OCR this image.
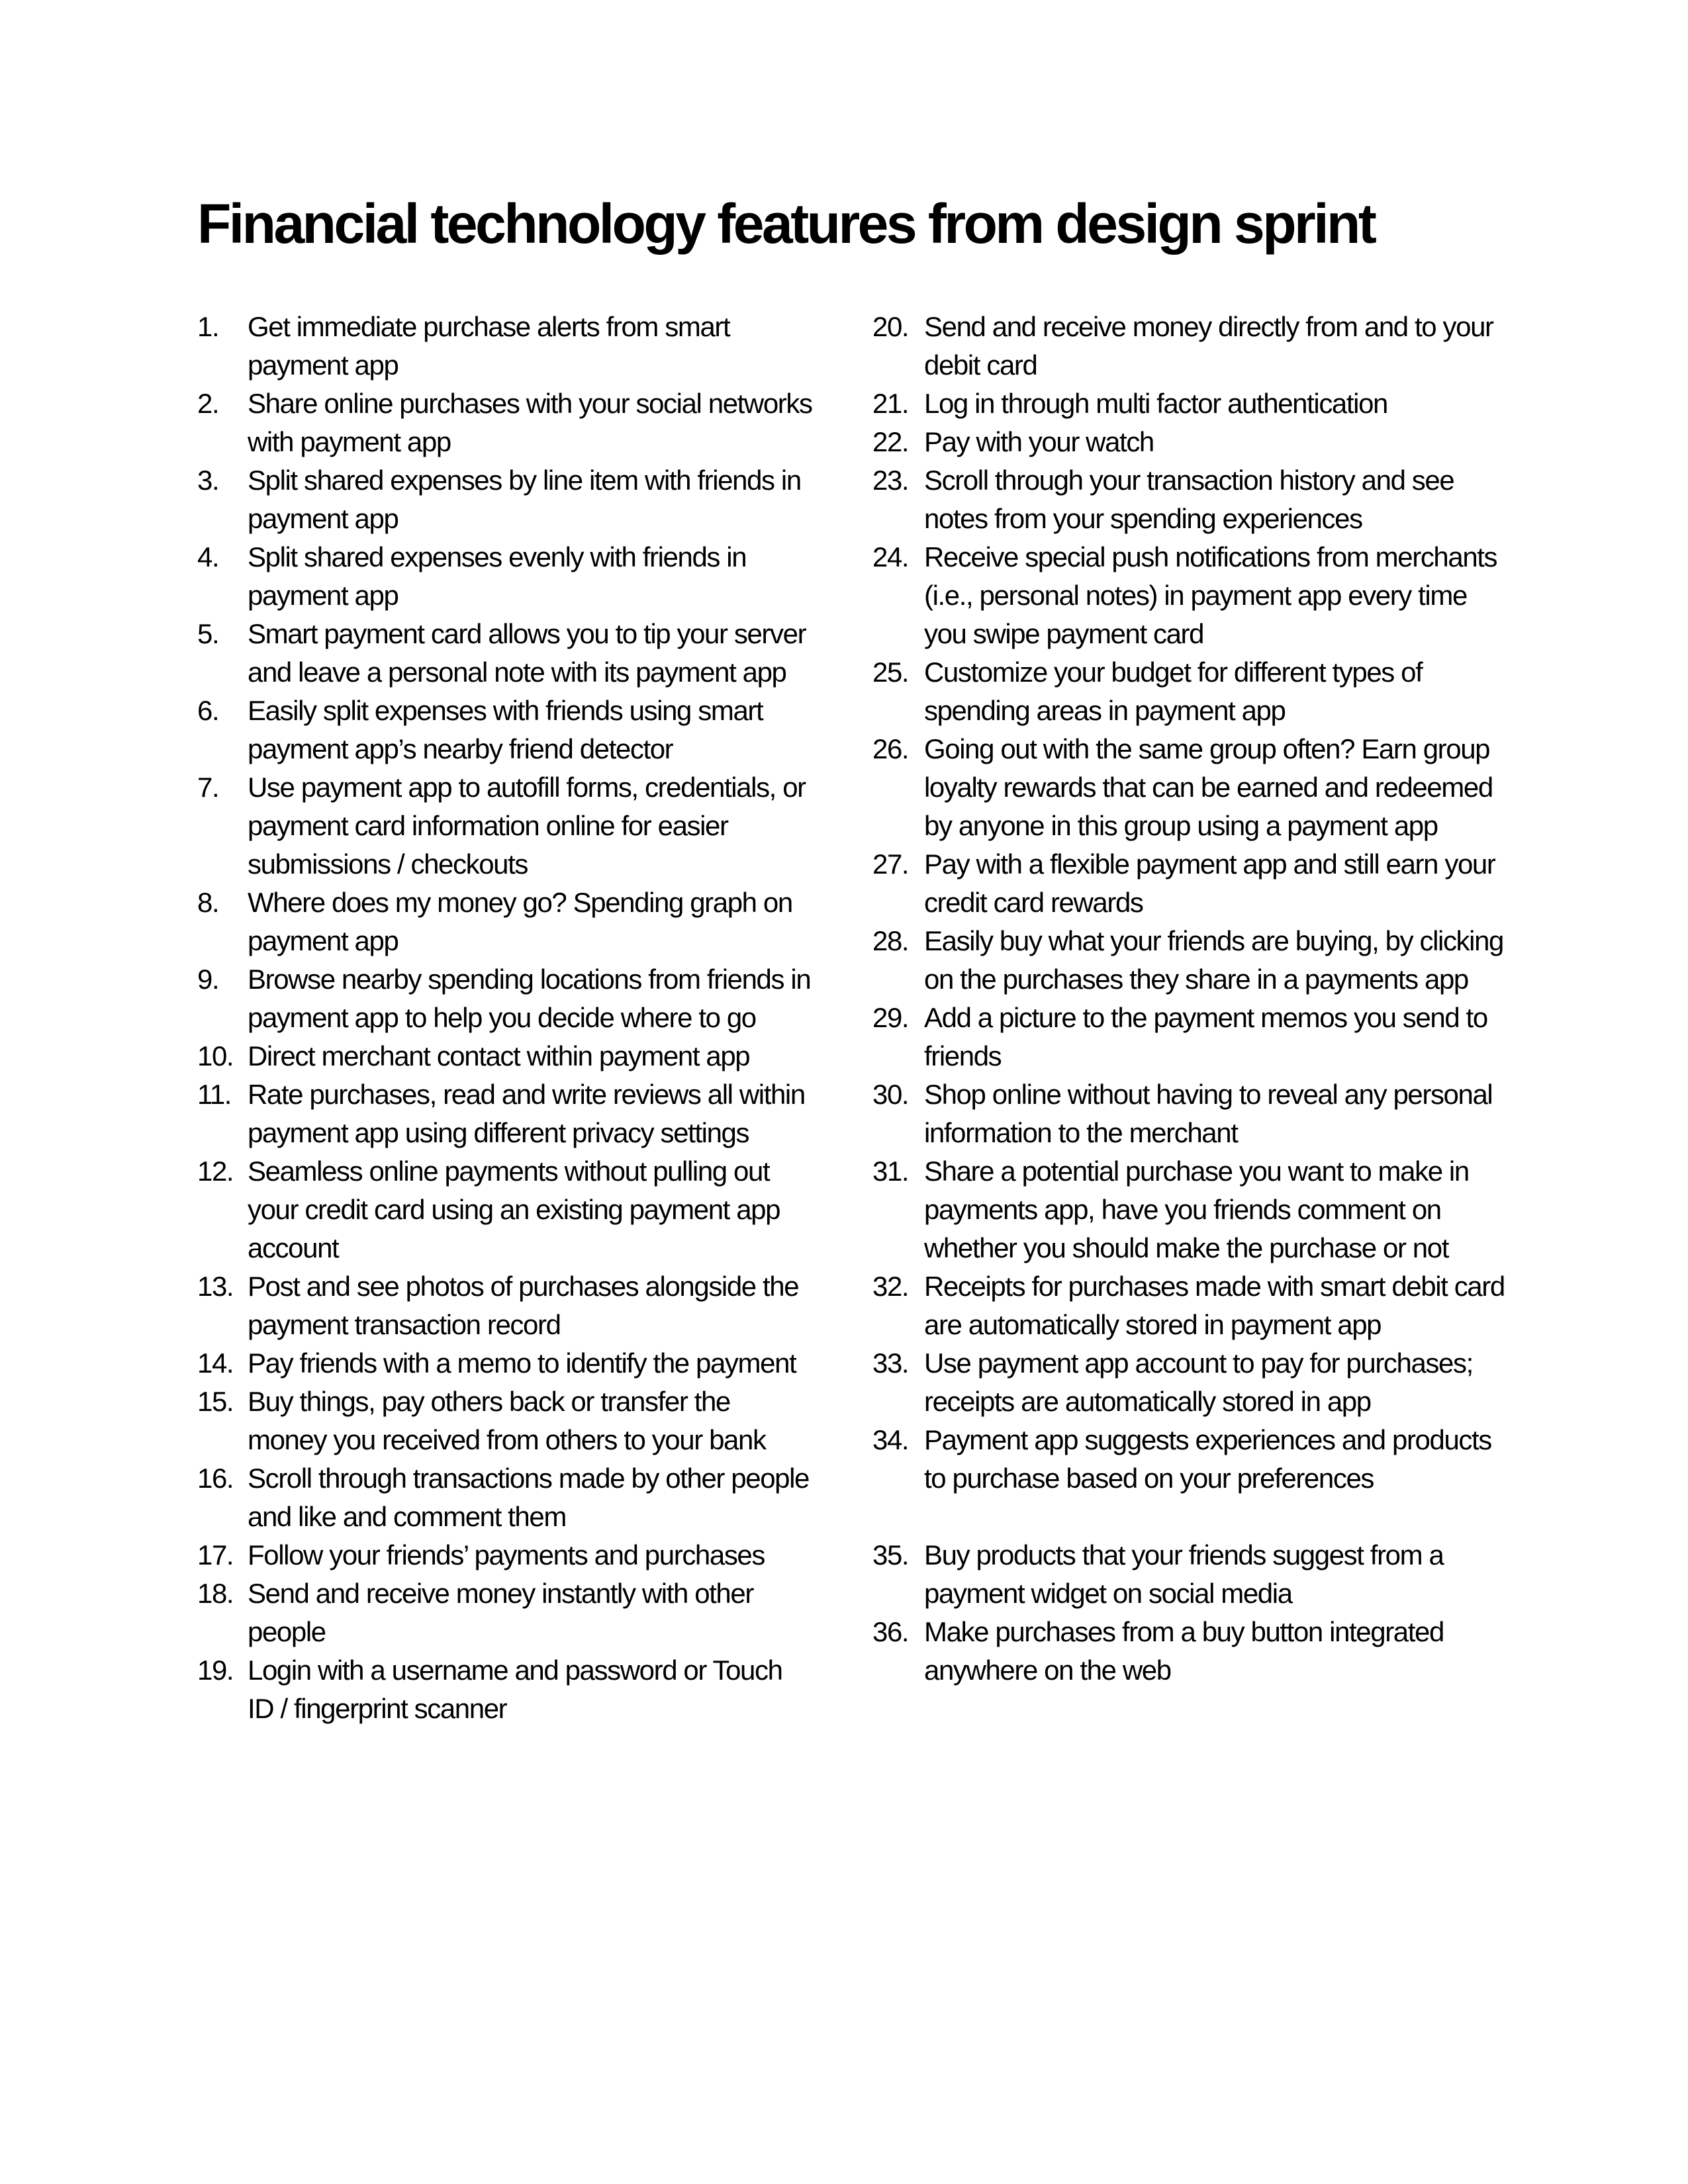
Financial technology features from design sprint
1.	Get immediate purchase alerts from smart payment app
2.	Share online purchases with your social networks with payment app
3.	Split shared expenses by line item with friends in payment app
4.	Split shared expenses evenly with friends in payment app
5.	Smart payment card allows you to tip your server and leave a personal note with its payment app
6.	Easily split expenses with friends using smart payment app’s nearby friend detector
7.	Use payment app to autofill forms, credentials, or payment card information online for easier submissions / checkouts
8.	Where does my money go? Spending graph on payment app
9.	Browse nearby spending locations from friends in payment app to help you decide where to go
10. Direct merchant contact within payment app
11. Rate purchases, read and write reviews all within payment app using different privacy settings
12. Seamless online payments without pulling out your credit card using an existing payment app account
13. Post and see photos of purchases alongside the payment transaction record
14. Pay friends with a memo to identify the payment
15. Buy things, pay others back or transfer the money you received from others to your bank
16. Scroll through transactions made by other people and like and comment them
17. Follow your friends’ payments and purchases
18. Send and receive money instantly with other people
19. Login with a username and password or Touch ID / fingerprint scanner
20. Send and receive money directly from and to your debit card
21. Log in through multi factor authentication
22. Pay with your watch
23. Scroll through your transaction history and see notes from your spending experiences
24. Receive special push notifications from merchants (i.e., personal notes) in payment app every time you swipe payment card
25. Customize your budget for different types of spending areas in payment app
26. Going out with the same group often? Earn group loyalty rewards that can be earned and redeemed by anyone in this group using a payment app
27. Pay with a flexible payment app and still earn your credit card rewards
28. Easily buy what your friends are buying, by clicking on the purchases they share in a payments app
29. Add a picture to the payment memos you send to friends
30. Shop online without having to reveal any personal information to the merchant
31. Share a potential purchase you want to make in payments app, have you friends comment on whether you should make the purchase or not
32. Receipts for purchases made with smart debit card are automatically stored in payment app
33. Use payment app account to pay for purchases; receipts are automatically stored in app
34. Payment app suggests experiences and products to purchase based on your preferences
35. Buy products that your friends suggest from a payment widget on social media
36. Make purchases from a buy button integrated anywhere on the web
